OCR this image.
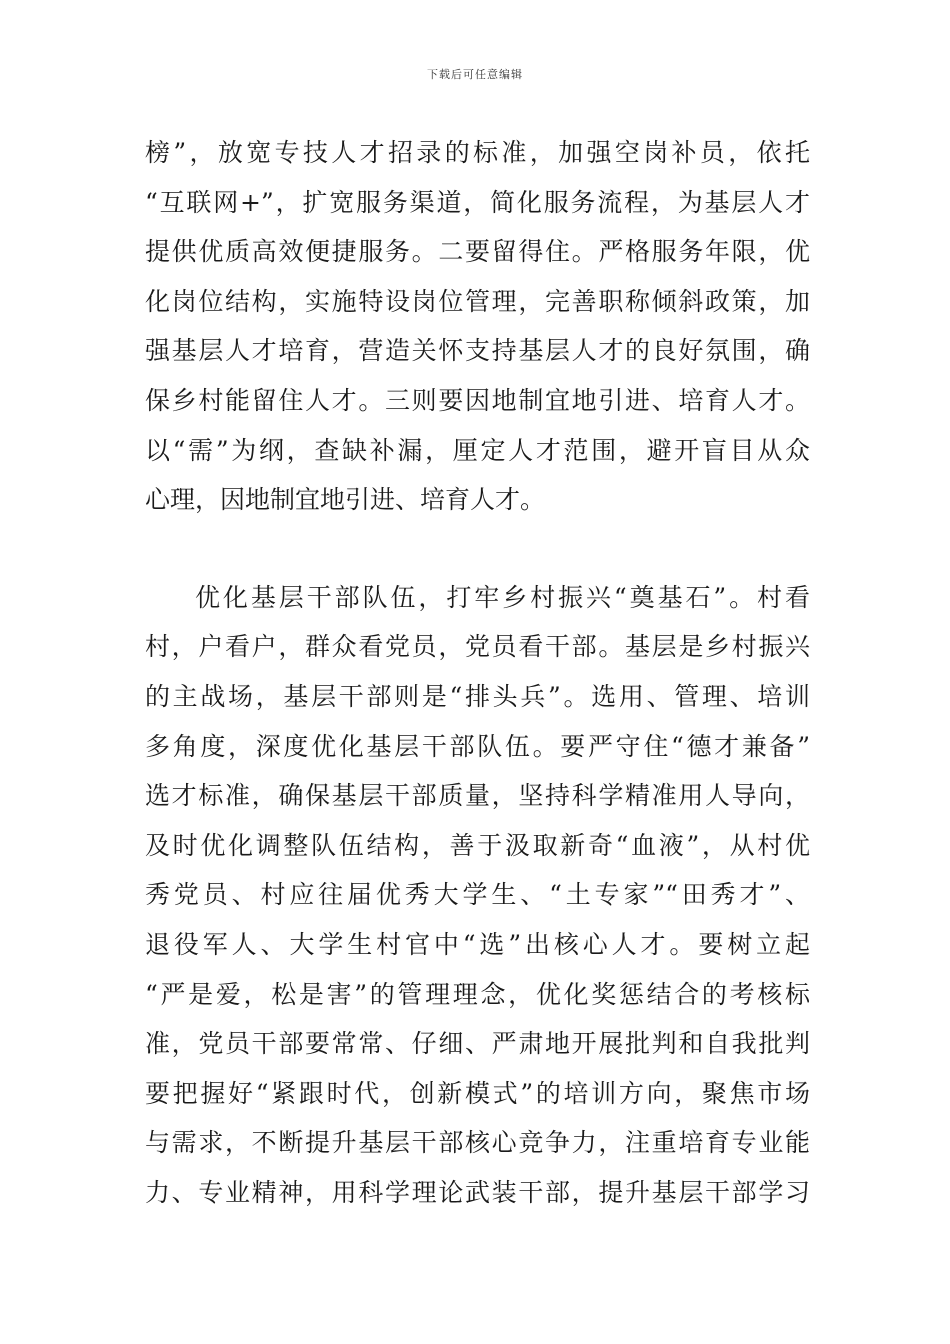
下载后可任意编辑
榜”，放宽专技人才招录的标准，加强空岗补员，依托
“互联网+”，扩宽服务渠道，简化服务流程，为基层人才
提供优质高效便捷服务。二要留得住。严格服务年限，优
化岗位结构，实施特设岗位管理，完善职称倾斜政策，加
强基层人才培育，营造关怀支持基层人才的良好氛围，确
保乡村能留住人才。三则要因地制宜地引进、培育人才。
以“需”为纲，查缺补漏，厘定人才范围，避开盲目从众
心理，因地制宜地引进、培育人才。
优化基层干部队伍，打牢乡村振兴“奠基石”。村看
村，户看户，群众看党员，党员看干部。基层是乡村振兴
的主战场，基层干部则是“排头兵”。选用、管理、培训
多角度，深度优化基层干部队伍。要严守住“德才兼备”
选才标准，确保基层干部质量，坚持科学精准用人导向，
及时优化调整队伍结构，善于汲取新奇“血液”，从村优
秀党员、村应往届优秀大学生、“土专家”“田秀才”、
退役军人、大学生村官中“选”出核心人才。要树立起
“严是爱，松是害”的管理理念，优化奖惩结合的考核标
准，党员干部要常常、仔细、严肃地开展批判和自我批判
要把握好“紧跟时代，创新模式”的培训方向，聚焦市场
与需求，不断提升基层干部核心竞争力，注重培育专业能
力、专业精神，用科学理论武装干部，提升基层干部学习
